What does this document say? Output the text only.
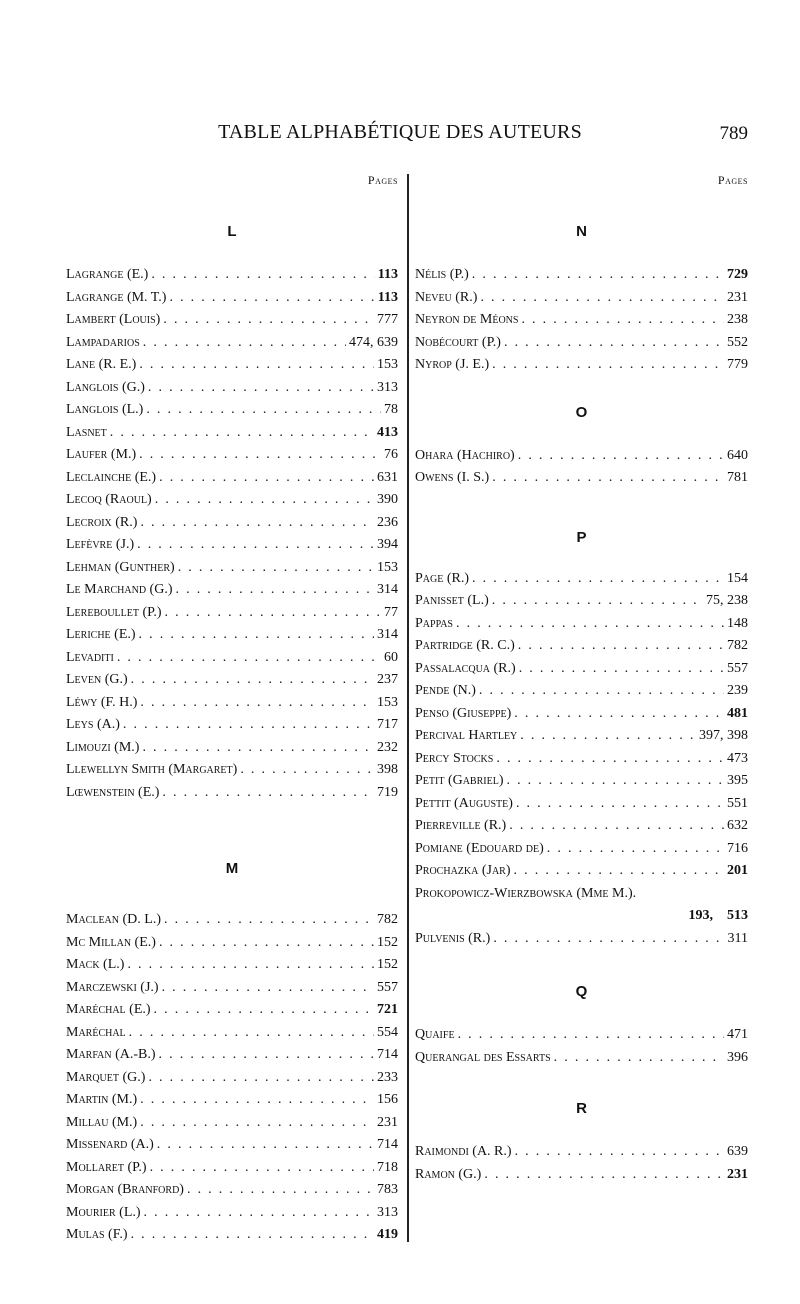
TABLE ALPHABÉTIQUE DES AUTEURS	789
Pages
L
Lagrange (E.) . . .	113
Lagrange (M. T.) . . .	113
Lambert (Louis) . . .	777
Lampadarios . . .	474, 639
Lane (R. E.) . . .	153
Langlois (G.) . . .	313
Langlois (L.) . . .	78
Lasnet . . .	413
Laufer (M.) . . .	76
Leclainche (E.) . . .	631
Lecoq (Raoul) . . .	390
Lecroix (R.) . . .	236
Lefèvre (J.) . . .	394
Lehman (Gunther) . . .	153
Le Marchand (G.) . . .	314
Lereboullet (P.) . . .	77
Leriche (E.) . . .	314
Levaditi . . .	60
Leven (G.) . . .	237
Léwy (F. H.) . . .	153
Leys (A.) . . .	717
Limouzi (M.) . . .	232
Llewellyn Smith (Margaret) . . .	398
Lœwenstein (E.) . . .	719
M
Maclean (D. L.) . . .	782
Mc Millan (E.) . . .	152
Mack (L.) . . .	152
Marczewski (J.) . . .	557
Maréchal (E.) . . .	721
Maréchal . . .	554
Marfan (A.-B.) . . .	714
Marquet (G.) . . .	233
Martin (M.) . . .	156
Millau (M.) . . .	231
Missenard (A.) . . .	714
Mollaret (P.) . . .	718
Morgan (Branford) . . .	783
Mourier (L.) . . .	313
Mulas (F.) . . .	419
Pages
N
Nélis (P.) . . .	729
Neveu (R.) . . .	231
Neyron de Méons . . .	238
Nobécourt (P.) . . .	552
Nyrop (J. E.) . . .	779
O
Ohara (Hachiro) . . .	640
Owens (I. S.) . . .	781
P
Page (R.) . . .	154
Panisset (L.) . . .	75, 238
Pappas . . .	148
Partridge (R. C.) . . .	782
Passalacqua (R.) . . .	557
Pende (N.) . . .	239
Penso (Giuseppe) . . .	481
Percival Hartley . . .	397, 398
Percy Stocks . . .	473
Petit (Gabriel) . . .	395
Pettit (Auguste) . . .	551
Pierreville (R.) . . .	632
Pomiane (Edouard de) . . .	716
Prochazka (Jar) . . .	201
Prokopowicz-Wierzbowska (Mme M.).
193, 513
Pulvenis (R.) . . .	311
Q
Quaife . . .	471
Querangal des Essarts . . .	396
R
Raimondi (A. R.) . . .	639
Ramon (G.) . . .	231
